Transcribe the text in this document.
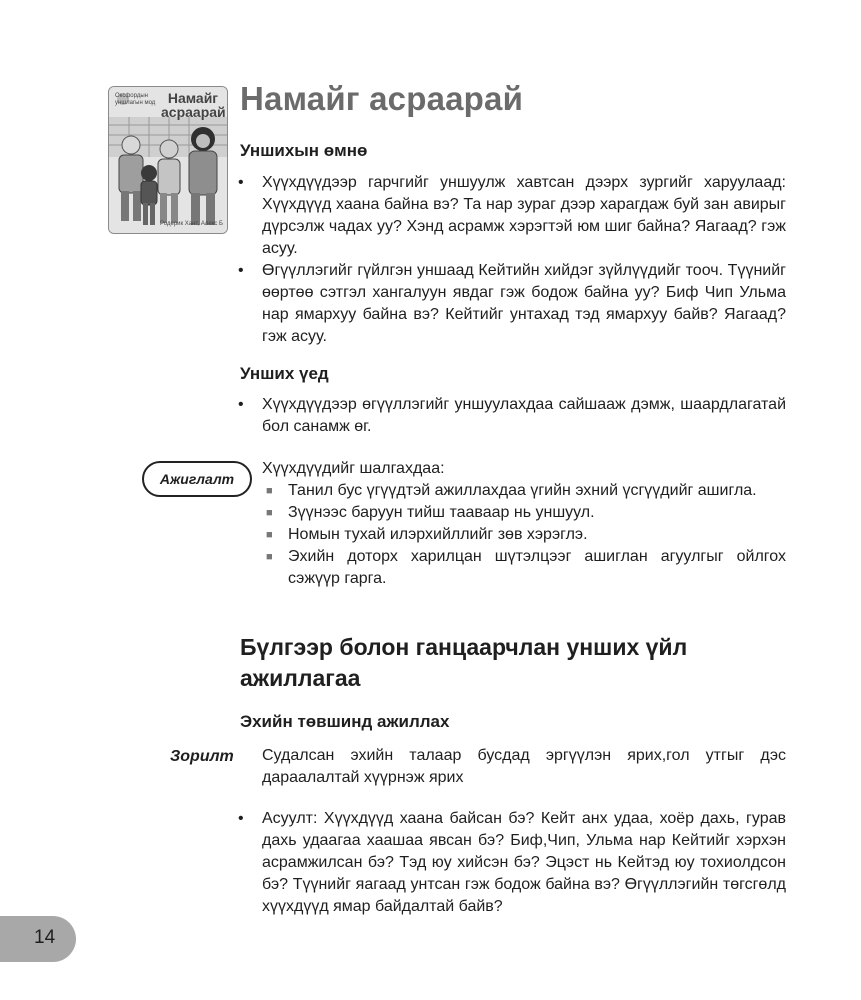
Оксфордын уншлагын мод Намайг асраарай
Родерик Хант, Алекс Б
Намайг асраарай
Уншихын өмнө
• Хүүхдүүдээр гарчгийг уншуулж хавтсан дээрх зургийг харуулаад: Хүүхдүүд хаана байна вэ? Та нар зураг дээр харагдаж буй зан авирыг дүрсэлж чадах уу? Хэнд асрамж хэрэгтэй юм шиг байна? Яагаад? гэж асуу.
• Өгүүллэгийг гүйлгэн уншаад Кейтийн хийдэг зүйлүүдийг тооч. Түүнийг өөртөө сэтгэл хангалуун явдаг гэж бодож байна уу? Биф Чип Ульма нар ямархуу байна вэ? Кейтийг унтахад тэд ямархуу байв? Яагаад? гэж асуу.
Унших үед
• Хүүхдүүдээр өгүүллэгийг уншуулахдаа сайшааж дэмж, шаардлагатай бол санамж өг.
Ажиглалт

Хүүхдүүдийг шалгахдаа:

■ Танил бус үгүүдтэй ажиллахдаа үгийн эхний үсгүүдийг ашигла.
■ Зүүнээс баруун тийш тааваар нь уншуул.
■ Номын тухай илэрхийллийг зөв хэрэглэ.
■ Эхийн доторх харилцан шүтэлцээг ашиглан агуулгыг ойлгох сэжүүр гарга.
Бүлгээр болон ганцаарчлан унших үйл ажиллагаа
Эхийн төвшинд ажиллах
Зорилт Судалсан эхийн талаар бусдад эргүүлэн ярих,гол утгыг дэс дараалалтай хүүрнэж ярих

• Асуулт: Хүүхдүүд хаана байсан бэ? Кейт анх удаа, хоёр дахь, гурав дахь удаагаа хаашаа явсан бэ? Биф,Чип, Ульма нар Кейтийг хэрхэн асрамжилсан бэ? Тэд юу хийсэн бэ? Эцэст нь Кейтэд юу тохиолдсон бэ? Түүнийг яагаад унтсан гэж бодож байна вэ? Өгүүллэгийн төгсгөлд хүүхдүүд ямар байдалтай байв?
14
